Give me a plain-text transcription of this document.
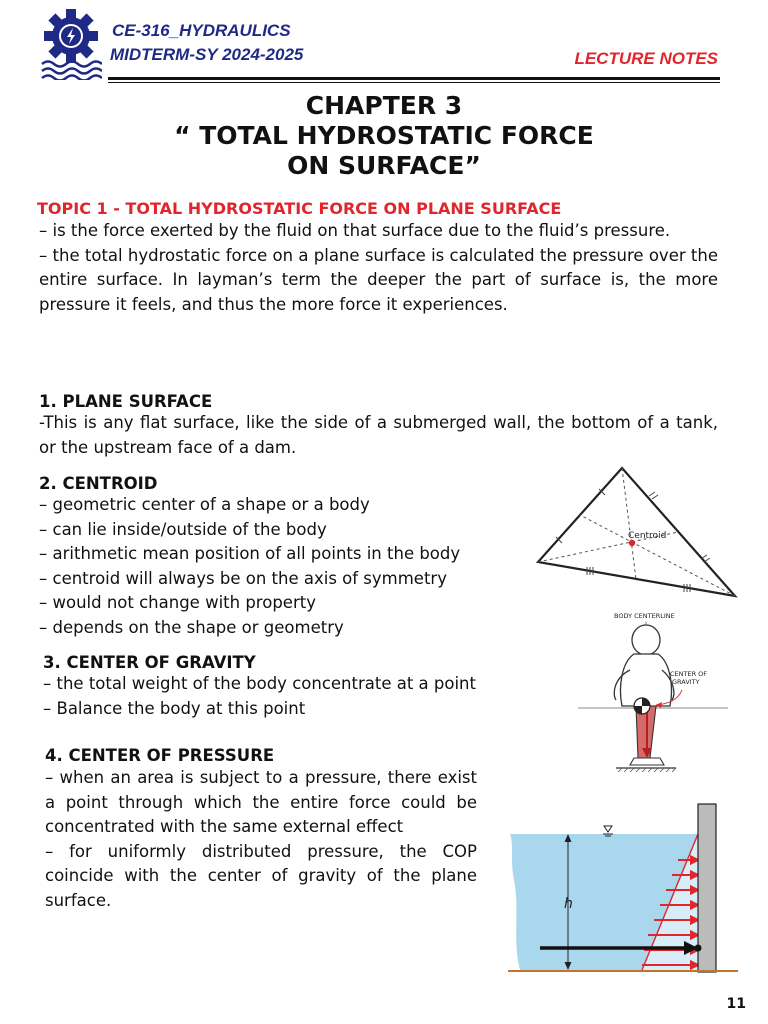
CE-316_HYDRAULICS
MIDTERM-SY 2024-2025	LECTURE NOTES
CHAPTER 3
“ TOTAL HYDROSTATIC FORCE
ON SURFACE”
TOPIC 1 - TOTAL HYDROSTATIC FORCE ON PLANE SURFACE

– is the force exerted by the fluid on that surface due to the fluid’s pressure.

– the total hydrostatic force on a plane surface is calculated the pressure over the entire surface. In layman’s term the deeper the part of surface is, the more pressure it feels, and thus the more force it experiences.

1. PLANE SURFACE
-This is any flat surface, like the side of a submerged wall, the bottom of a tank, or the upstream face of a dam.
2. CENTROID

– geometric center of a shape or a body

– can lie inside/outside of the body

– arithmetic mean position of all points in the body

– centroid will always be on the axis of symmetry

– would not change with property

– depends on the shape or geometry

Centroid
3. CENTER OF GRAVITY

– the total weight of the body concentrate at a point

– Balance the body at this point

BODY CENTERLINE
CENTER OF
GRAVITY
4. CENTER OF PRESSURE

– when an area is subject to a pressure, there exist a point through which the entire force could be concentrated with the same external effect

– for uniformly distributed pressure, the COP coincide with the center of gravity of the plane surface.	h
11
